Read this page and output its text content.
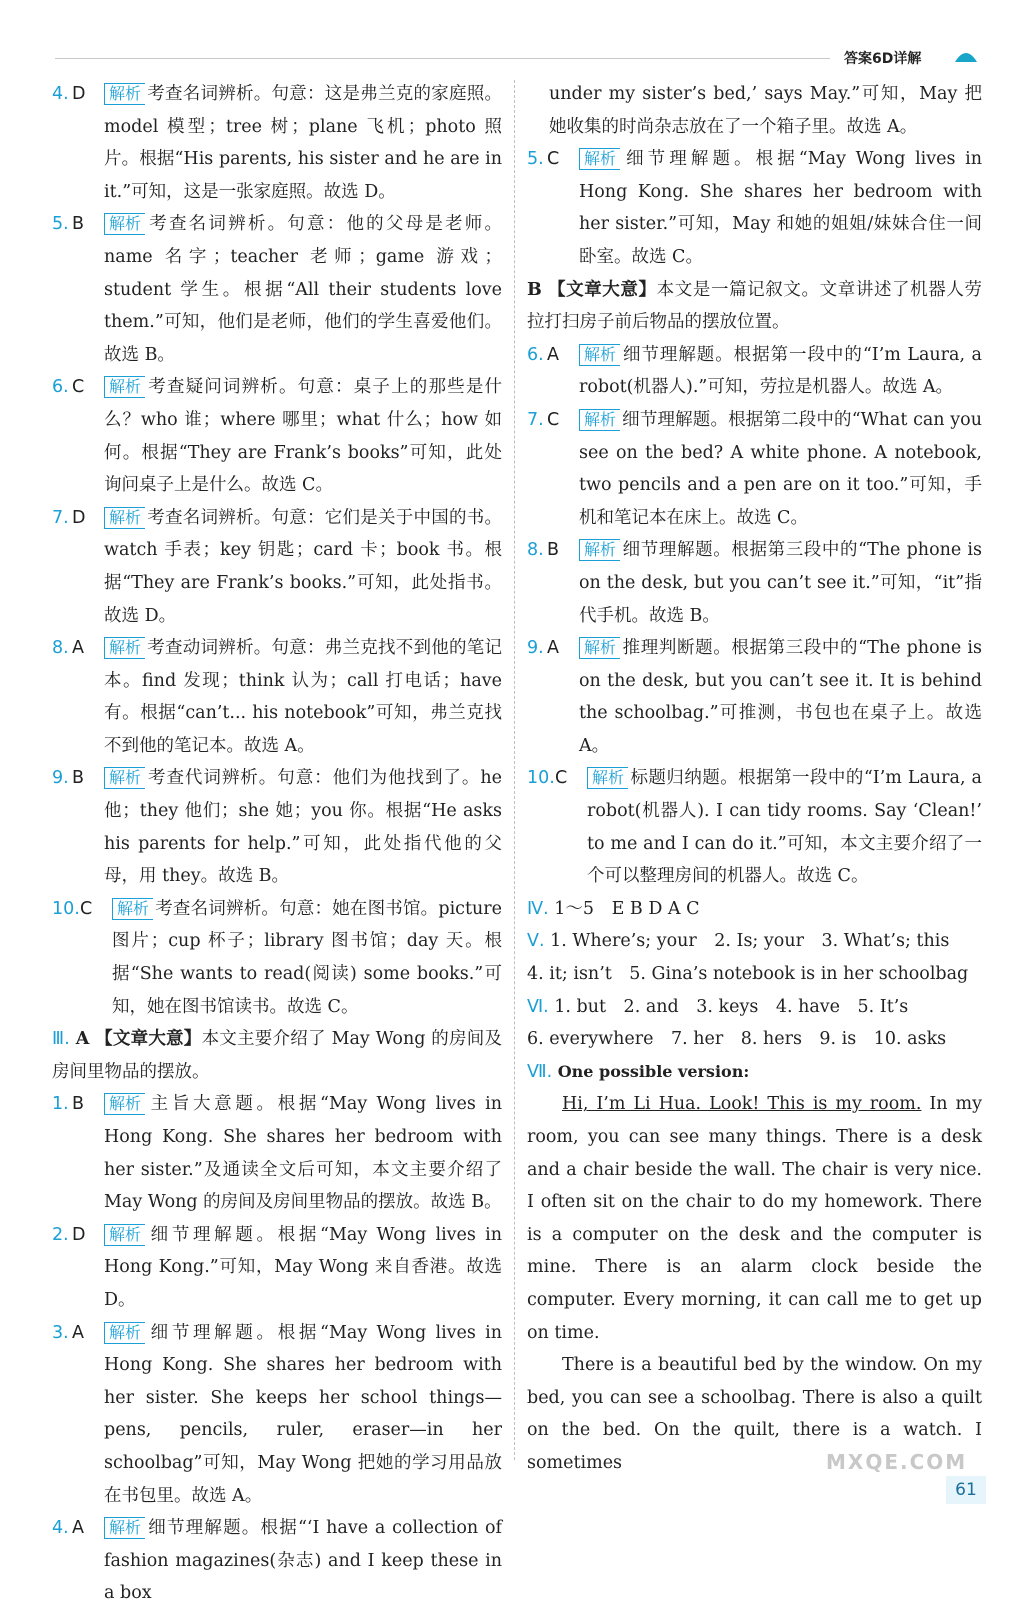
答案6D详解
4. D	解析 考查名词辨析。句意：这是弗兰克的家庭照。model 模型；tree 树；plane 飞机；photo 照片。根据“His parents, his sister and he are in it.”可知，这是一张家庭照。故选 D。
5. B	解析 考查名词辨析。句意：他的父母是老师。name 名字；teacher 老师；game 游戏；student 学生。根据“All their students love them.”可知，他们是老师，他们的学生喜爱他们。故选 B。
6. C	解析 考查疑问词辨析。句意：桌子上的那些是什么？who 谁；where 哪里；what 什么；how 如何。根据“They are Frank’s books”可知，此处询问桌子上是什么。故选 C。
7. D	解析 考查名词辨析。句意：它们是关于中国的书。watch 手表；key 钥匙；card 卡；book 书。根据“They are Frank’s books.”可知，此处指书。故选 D。
8. A	解析 考查动词辨析。句意：弗兰克找不到他的笔记本。find 发现；think 认为；call 打电话；have 有。根据“can’t... his notebook”可知，弗兰克找不到他的笔记本。故选 A。
9. B	解析 考查代词辨析。句意：他们为他找到了。he 他；they 他们；she 她；you 你。根据“He asks his parents for help.”可知，此处指代他的父母，用 they。故选 B。
10. C	解析 考查名词辨析。句意：她在图书馆。picture 图片；cup 杯子；library 图书馆；day 天。根据“She wants to read(阅读) some books.”可知，她在图书馆读书。故选 C。
Ⅲ. A 【文章大意】本文主要介绍了 May Wong 的房间及房间里物品的摆放。
1. B	解析 主旨大意题。根据“May Wong lives in Hong Kong. She shares her bedroom with her sister.”及通读全文后可知，本文主要介绍了 May Wong 的房间及房间里物品的摆放。故选 B。
2. D	解析 细节理解题。根据“May Wong lives in Hong Kong.”可知，May Wong 来自香港。故选 D。
3. A	解析 细节理解题。根据“May Wong lives in Hong Kong. She shares her bedroom with her sister. She keeps her school things—pens, pencils, ruler, eraser—in her schoolbag”可知，May Wong 把她的学习用品放在书包里。故选 A。
4. A	解析 细节理解题。根据“‘I have a collection of fashion magazines(杂志) and I keep these in a box
under my sister’s bed,’ says May.”可知，May 把她收集的时尚杂志放在了一个箱子里。故选 A。
5. C	解析 细节理解题。根据“May Wong lives in Hong Kong. She shares her bedroom with her sister.”可知，May 和她的姐姐/妹妹合住一间卧室。故选 C。
B 【文章大意】本文是一篇记叙文。文章讲述了机器人劳拉打扫房子前后物品的摆放位置。
6. A	解析 细节理解题。根据第一段中的“I’m Laura, a robot(机器人).”可知，劳拉是机器人。故选 A。
7. C	解析 细节理解题。根据第二段中的“What can you see on the bed? A white phone. A notebook, two pencils and a pen are on it too.”可知，手机和笔记本在床上。故选 C。
8. B	解析 细节理解题。根据第三段中的“The phone is on the desk, but you can’t see it.”可知，“it”指代手机。故选 B。
9. A	解析 推理判断题。根据第三段中的“The phone is on the desk, but you can’t see it. It is behind the schoolbag.”可推测，书包也在桌子上。故选 A。
10. C	解析 标题归纳题。根据第一段中的“I’m Laura, a robot(机器人). I can tidy rooms. Say ‘Clean!’ to me and I can do it.”可知，本文主要介绍了一个可以整理房间的机器人。故选 C。
Ⅳ. 1～5　E B D A C
Ⅴ. 1. Where’s; your　2. Is; your　3. What’s; this
4. it; isn’t　5. Gina’s notebook is in her schoolbag
Ⅵ. 1. but　2. and　3. keys　4. have　5. It’s
6. everywhere　7. her　8. hers　9. is　10. asks
Ⅶ. One possible version:
Hi, I’m Li Hua. Look! This is my room. In my room, you can see many things. There is a desk and a chair beside the wall. The chair is very nice. I often sit on the chair to do my homework. There is a computer on the desk and the computer is mine. There is an alarm clock beside the computer. Every morning, it can call me to get up on time.
There is a beautiful bed by the window. On my bed, you can see a schoolbag. There is also a quilt on the bed. On the quilt, there is a watch. I sometimes	MXQE.COM
61
